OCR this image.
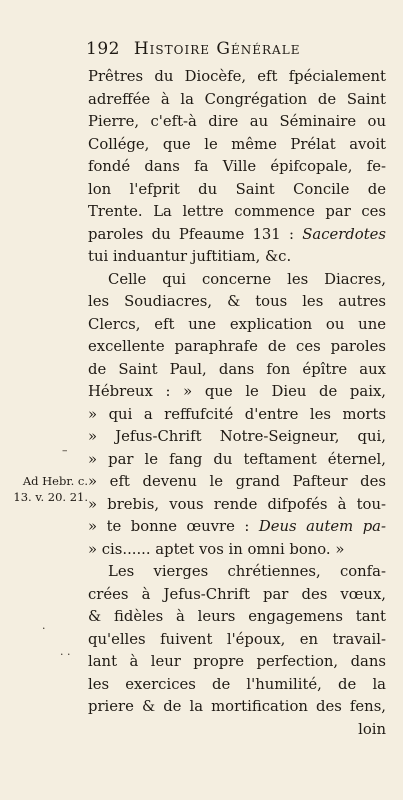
192 Histoire Générale
Ad Hebr. c.
13. v. 20. 21.
–
·
· ·
Prêtres du Diocèfe, eft fpécialement
adreffée à la Congrégation de Saint
Pierre, c'eft-à dire au Séminaire ou
Collége, que le même Prélat avoit
fondé dans fa Ville épifcopale, fe-
lon l'efprit du Saint Concile de
Trente. La lettre commence par ces
paroles du Pfeaume 131 : Sacerdotes
tui induantur juftitiam, &c.
Celle qui concerne les Diacres,
les Soudiacres, & tous les autres
Clercs, eft une explication ou une
excellente paraphrafe de ces paroles
de Saint Paul, dans fon épître aux
Hébreux : » que le Dieu de paix,
» qui a reffufcité d'entre les morts
» Jefus-Chrift Notre-Seigneur, qui,
» par le fang du teftament éternel,
» eft devenu le grand Pafteur des
» brebis, vous rende difpofés à tou-
» te bonne œuvre : Deus autem pa-
» cis...... aptet vos in omni bono. »
Les vierges chrétiennes, confa-
crées à Jefus-Chrift par des vœux,
& fidèles à leurs engagemens tant
qu'elles fuivent l'époux, en travail-
lant à leur propre perfection, dans
les exercices de l'humilité, de la
priere & de la mortification des fens,
loin
